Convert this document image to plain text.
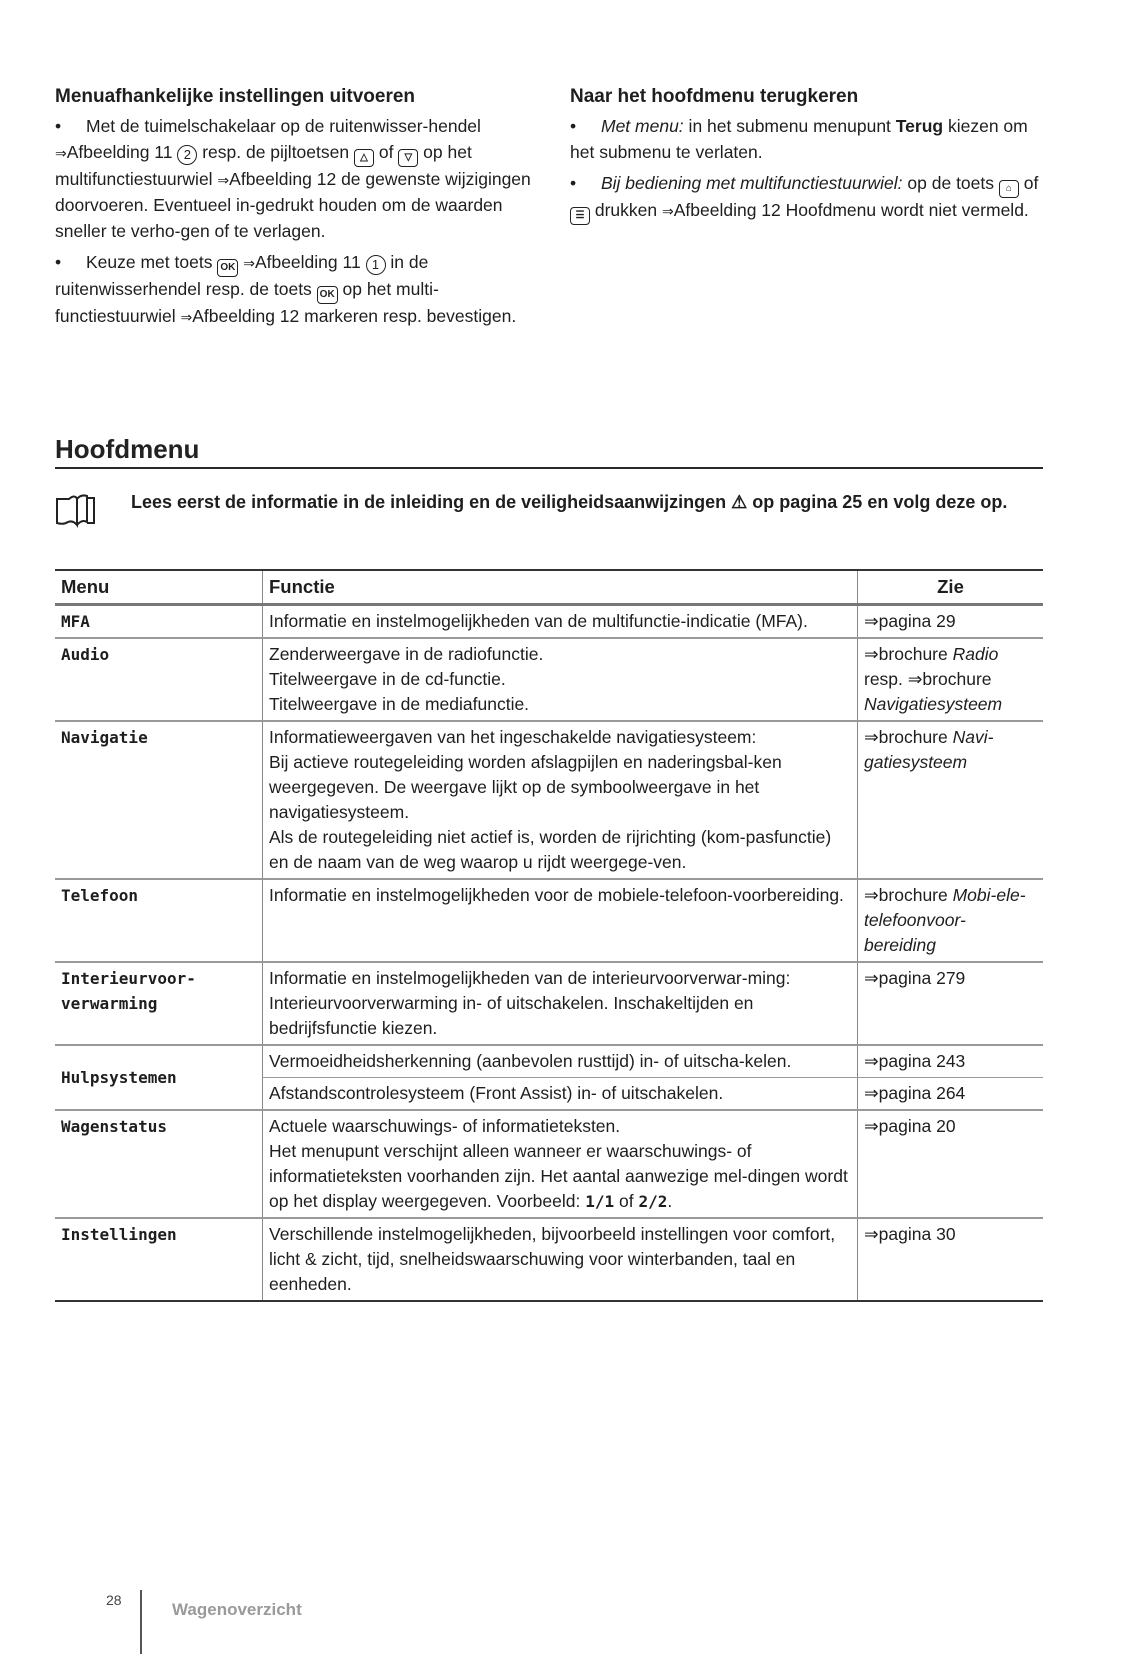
Menuafhankelijke instellingen uitvoeren

• Met de tuimelschakelaar op de ruitenwisser-hendel ⇒Afbeelding 11 2 resp. de pijltoetsen △ of ▽ op het multifunctiestuurwiel ⇒Afbeelding 12 de gewenste wijzigingen doorvoeren. Eventueel in-gedrukt houden om de waarden sneller te verho-gen of te verlagen.

• Keuze met toets OK ⇒Afbeelding 11 1 in de ruitenwisserhendel resp. de toets OK op het multi-functiestuurwiel ⇒Afbeelding 12 markeren resp. bevestigen.

Naar het hoofdmenu terugkeren

• Met menu: in het submenu menupunt Terug kiezen om het submenu te verlaten.

• Bij bediening met multifunctiestuurwiel: op de toets ⌂ of ☰ drukken ⇒Afbeelding 12 Hoofdmenu wordt niet vermeld.

Hoofdmenu
Lees eerst de informatie in de inleiding en de veiligheidsaanwijzingen ⚠ op pagina 25 en volg deze op.
Menu	Functie	Zie
MFA	Informatie en instelmogelijkheden van de multifunctie-indicatie (MFA).	⇒pagina 29
Audio	Zenderweergave in de radiofunctie.
Titelweergave in de cd-functie.
Titelweergave in de mediafunctie.	⇒brochure Radio resp. ⇒brochure Navigatiesysteem
Navigatie	Informatieweergaven van het ingeschakelde navigatiesysteem:
Bij actieve routegeleiding worden afslagpijlen en naderingsbal-ken weergegeven. De weergave lijkt op de symboolweergave in het navigatiesysteem.
Als de routegeleiding niet actief is, worden de rijrichting (kom-pasfunctie) en de naam van de weg waarop u rijdt weergege-ven.	⇒brochure Navi-gatiesysteem
Telefoon	Informatie en instelmogelijkheden voor de mobiele-telefoon-voorbereiding.	⇒brochure Mobi-ele-telefoonvoor-bereiding
Interieurvoor-verwarming	Informatie en instelmogelijkheden van de interieurvoorverwar-ming:
Interieurvoorverwarming in- of uitschakelen. Inschakeltijden en bedrijfsfunctie kiezen.	⇒pagina 279
Hulpsystemen	Vermoeidheidsherkenning (aanbevolen rusttijd) in- of uitscha-kelen.	⇒pagina 243
	Afstandscontrolesysteem (Front Assist) in- of uitschakelen.	⇒pagina 264
Wagenstatus	Actuele waarschuwings- of informatieteksten.
Het menupunt verschijnt alleen wanneer er waarschuwings- of informatieteksten voorhanden zijn. Het aantal aanwezige mel-dingen wordt op het display weergegeven. Voorbeeld: 1/1 of 2/2.	⇒pagina 20
Instellingen	Verschillende instelmogelijkheden, bijvoorbeeld instellingen voor comfort, licht & zicht, tijd, snelheidswaarschuwing voor winterbanden, taal en eenheden.	⇒pagina 30
28	Wagenoverzicht
